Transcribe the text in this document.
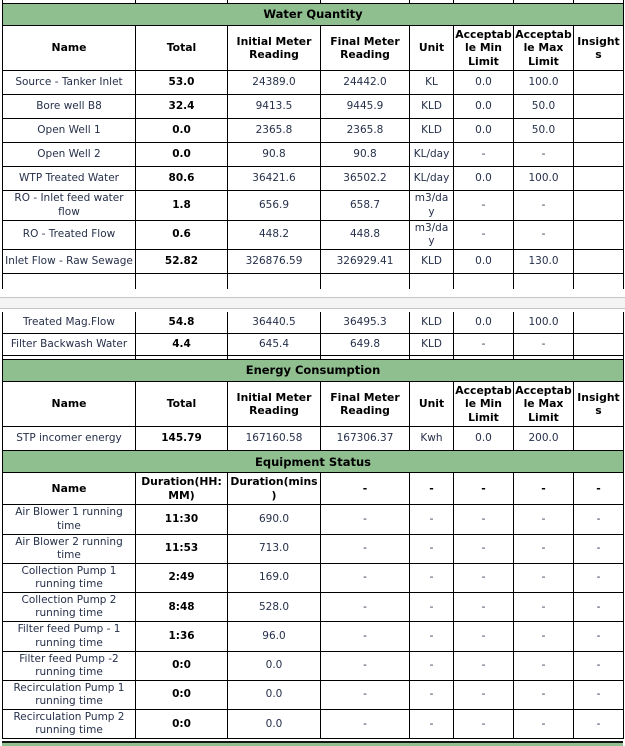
Water Quantity							
Name	Total	Initial Meter Reading	Final Meter Reading	Unit	Acceptable Min Limit	Acceptable Max Limit	Insights
Source - Tanker Inlet	53.0	24389.0	24442.0	KL	0.0	100.0	
Bore well B8	32.4	9413.5	9445.9	KLD	0.0	50.0	
Open Well 1	0.0	2365.8	2365.8	KLD	0.0	50.0	
Open Well 2	0.0	90.8	90.8	KL/day	-	-	
WTP Treated Water	80.6	36421.6	36502.2	KL/day	0.0	100.0	
RO - Inlet feed water flow	1.8	656.9	658.7	m3/day	-	-	
RO - Treated Flow	0.6	448.2	448.8	m3/day	-	-	
Inlet Flow - Raw Sewage	52.82	326876.59	326929.41	KLD	0.0	130.0	

Treated Mag.Flow	54.8	36440.5	36495.3	KLD	0.0	100.0	
Filter Backwash Water	4.4	645.4	649.8	KLD	-	-	

Energy Consumption							
Name	Total	Initial Meter Reading	Final Meter Reading	Unit	Acceptable Min Limit	Acceptable Max Limit	Insights
STP incomer energy	145.79	167160.58	167306.37	Kwh	0.0	200.0	
Equipment Status							
Name	Duration(HH:MM)	Duration(mins)	-	-	-	-	-
Air Blower 1 running time	11:30	690.0	-	-	-	-	-
Air Blower 2 running time	11:53	713.0	-	-	-	-	-
Collection Pump 1 running time	2:49	169.0	-	-	-	-	-
Collection Pump 2 running time	8:48	528.0	-	-	-	-	-
Filter feed Pump - 1 running time	1:36	96.0	-	-	-	-	-
Filter feed Pump -2 running time	0:0	0.0	-	-	-	-	-
Recirculation Pump 1 running time	0:0	0.0	-	-	-	-	-
Recirculation Pump 2 running time	0:0	0.0	-	-	-	-	-
